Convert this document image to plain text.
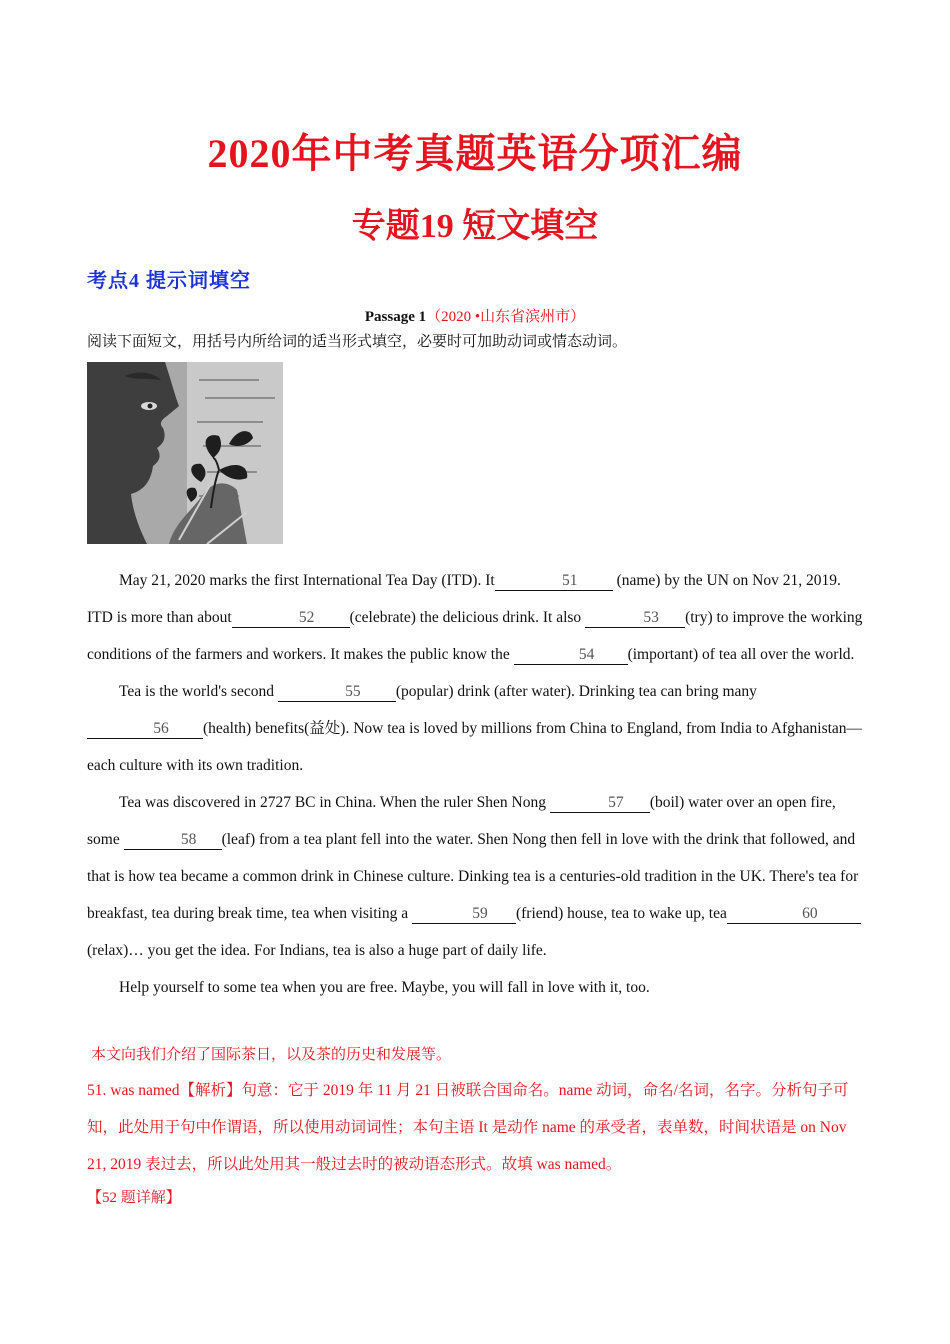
2020年中考真题英语分项汇编
专题19 短文填空
考点4 提示词填空
Passage 1（2020 •山东省滨州市）
阅读下面短文，用括号内所给词的适当形式填空，必要时可加助动词或情态动词。

May 21, 2020 marks the first International Tea Day (ITD). It	51 (name) by the UN on Nov 21, 2019. ITD is more than about	52 (celebrate) the delicious drink. It also	53 (try) to improve the working conditions of the farmers and workers. It makes the public know the	54 (important) of tea all over the world.

Tea is the world's second	55 (popular) drink (after water). Drinking tea can bring many 56 (health) benefits(益处). Now tea is loved by millions from China to England, from India to Afghanistan—each culture with its own tradition.

Tea was discovered in 2727 BC in China. When the ruler Shen Nong	57 (boil) water over an open fire, some	58 (leaf) from a tea plant fell into the water. Shen Nong then fell in love with the drink that followed, and that is how tea became a common drink in Chinese culture. Dinking tea is a centuries-old tradition in the UK. There's tea for breakfast, tea during break time, tea when visiting a	59 (friend) house, tea to wake up, tea	60(relax)… you get the idea. For Indians, tea is also a huge part of daily life.

Help yourself to some tea when you are free. Maybe, you will fall in love with it, too.

本文向我们介绍了国际茶日，以及茶的历史和发展等。
51. was named【解析】句意：它于 2019 年 11 月 21 日被联合国命名。name 动词，命名/名词，名字。分析句子可知，此处用于句中作谓语，所以使用动词词性；本句主语 It 是动作 name 的承受者，表单数，时间状语是 on Nov 21, 2019 表过去，所以此处用其一般过去时的被动语态形式。故填 was named。
【52 题详解】
